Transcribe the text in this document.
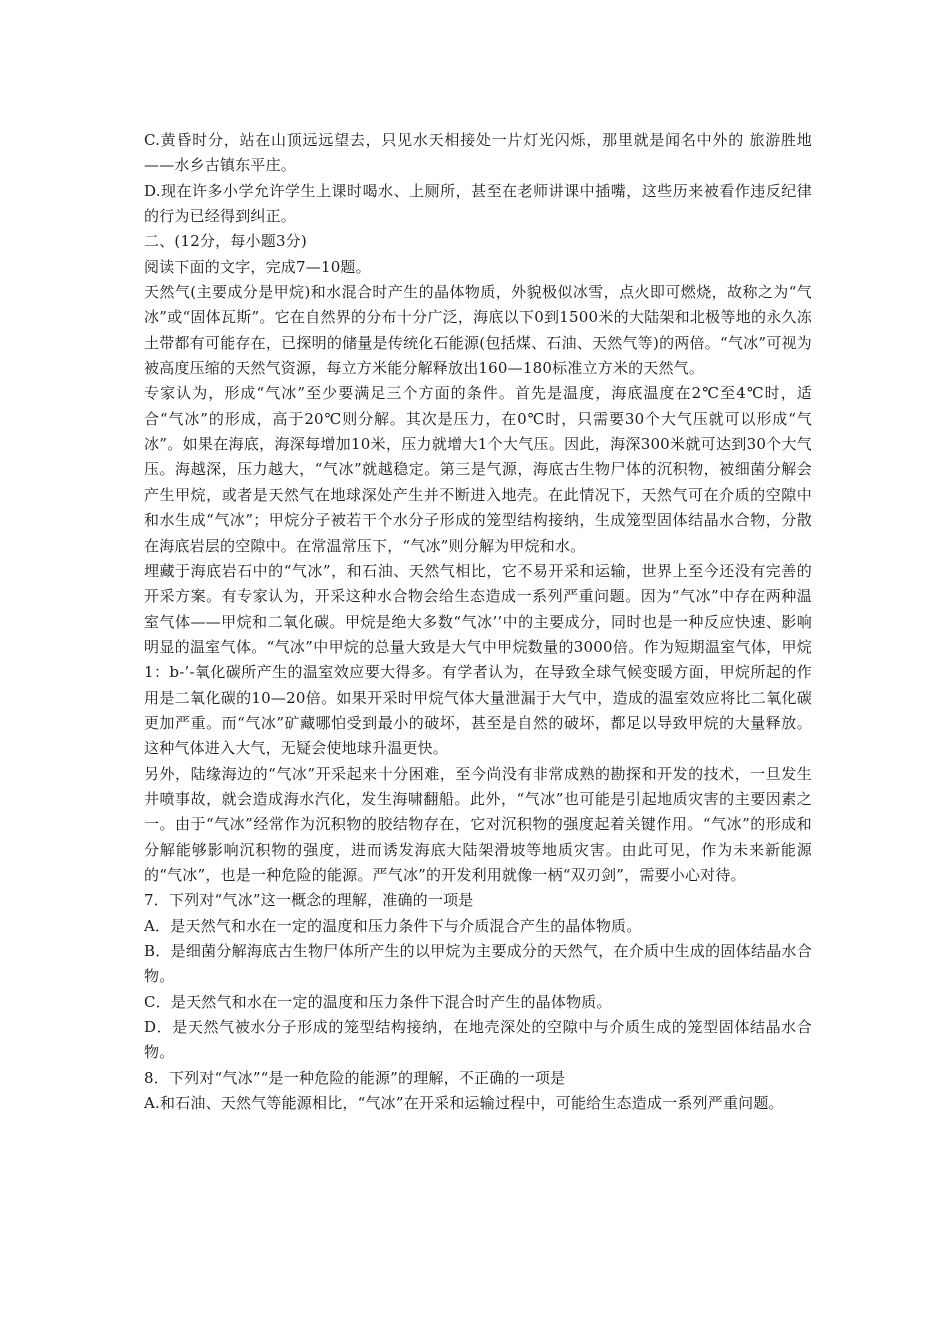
C.黄昏时分，站在山顶远远望去，只见水天相接处一片灯光闪烁，那里就是闻名中外的 旅游胜地——水乡古镇东平庄。

D.现在许多小学允许学生上课时喝水、上厕所，甚至在老师讲课中插嘴，这些历来被看作违反纪律的行为已经得到纠正。

二、(12分，每小题3分)

阅读下面的文字，完成7—10题。

天然气(主要成分是甲烷)和水混合时产生的晶体物质，外貌极似冰雪，点火即可燃烧，故称之为“气冰”或“固体瓦斯”。它在自然界的分布十分广泛，海底以下0到1500米的大陆架和北极等地的永久冻土带都有可能存在，已探明的储量是传统化石能源(包括煤、石油、天然气等)的两倍。“气冰”可视为被高度压缩的天然气资源，每立方米能分解释放出160—180标准立方米的天然气。

专家认为，形成“气冰”至少要满足三个方面的条件。首先是温度，海底温度在2℃至4℃时，适合“气冰”的形成，高于20℃则分解。其次是压力，在0℃时，只需要30个大气压就可以形成“气冰”。如果在海底，海深每增加10米，压力就增大1个大气压。因此，海深300米就可达到30个大气压。海越深，压力越大，“气冰”就越稳定。第三是气源，海底古生物尸体的沉积物，被细菌分解会产生甲烷，或者是天然气在地球深处产生并不断进入地壳。在此情况下，天然气可在介质的空隙中和水生成“气冰”；甲烷分子被若干个水分子形成的笼型结构接纳，生成笼型固体结晶水合物，分散在海底岩层的空隙中。在常温常压下，“气冰”则分解为甲烷和水。

埋藏于海底岩石中的“气冰”，和石油、天然气相比，它不易开采和运输，世界上至今还没有完善的开采方案。有专家认为，开采这种水合物会给生态造成一系列严重问题。因为“气冰”中存在两种温室气体——甲烷和二氧化碳。甲烷是绝大多数“气冰’’中的主要成分，同时也是一种反应快速、影响明显的温室气体。“气冰”中甲烷的总量大致是大气中甲烷数量的3000倍。作为短期温室气体，甲烷1：b-’-氧化碳所产生的温室效应要大得多。有学者认为，在导致全球气候变暖方面，甲烷所起的作用是二氧化碳的10—20倍。如果开采时甲烷气体大量泄漏于大气中，造成的温室效应将比二氧化碳更加严重。而“气冰”矿藏哪怕受到最小的破坏，甚至是自然的破坏，都足以导致甲烷的大量释放。这种气体进入大气，无疑会使地球升温更快。

另外，陆缘海边的“气冰”开采起来十分困难，至今尚没有非常成熟的勘探和开发的技术，一旦发生井喷事故，就会造成海水汽化，发生海啸翻船。此外，“气冰”也可能是引起地质灾害的主要因素之一。由于“气冰”经常作为沉积物的胶结物存在，它对沉积物的强度起着关键作用。“气冰”的形成和分解能够影响沉积物的强度，进而诱发海底大陆架滑坡等地质灾害。由此可见，作为未来新能源的“气冰”，也是一种危险的能源。严气冰”的开发利用就像一柄“双刃剑”，需要小心对待。

7．下列对“气冰”这一概念的理解，准确的一项是

A．是天然气和水在一定的温度和压力条件下与介质混合产生的晶体物质。

B．是细菌分解海底古生物尸体所产生的以甲烷为主要成分的天然气，在介质中生成的固体结晶水合物。

C．是天然气和水在一定的温度和压力条件下混合时产生的晶体物质。

D．是天然气被水分子形成的笼型结构接纳，在地壳深处的空隙中与介质生成的笼型固体结晶水合物。

8．下列对“气冰”“是一种危险的能源”的理解，不正确的一项是

A.和石油、天然气等能源相比，“气冰”在开采和运输过程中，可能给生态造成一系列严重问题。
